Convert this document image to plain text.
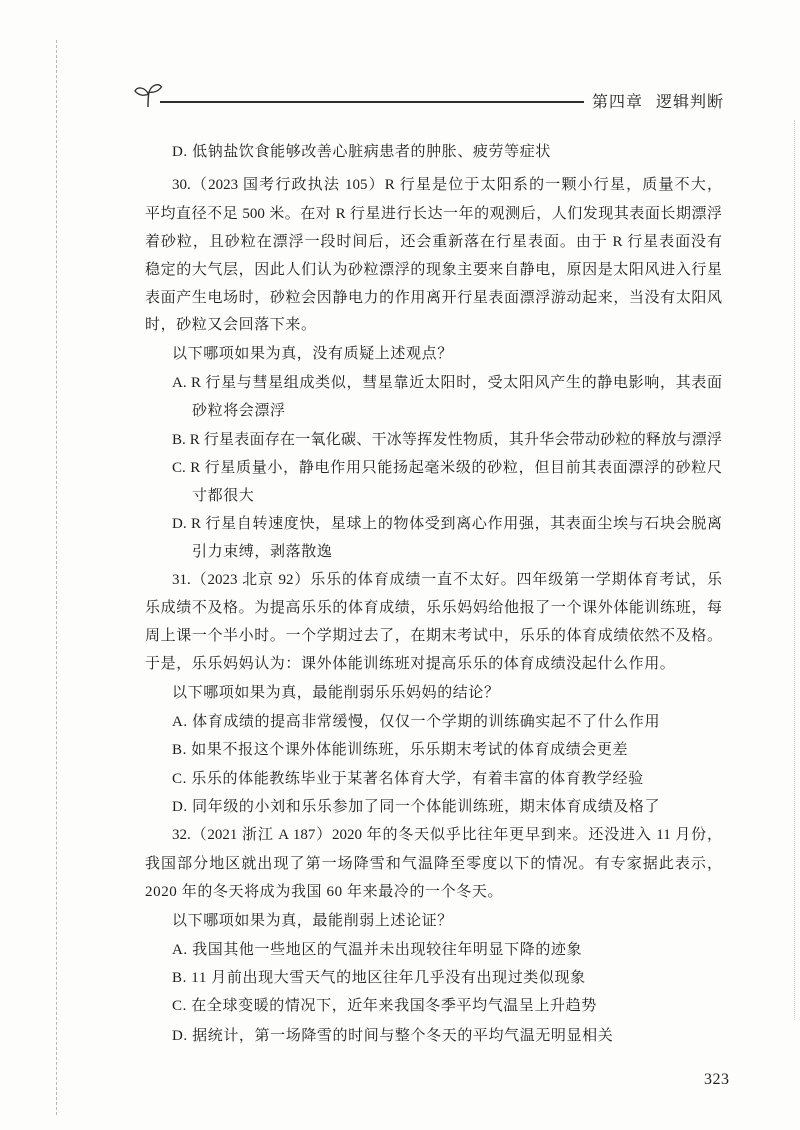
第四章 逻辑判断
D. 低钠盐饮食能够改善心脏病患者的肿胀、疲劳等症状
30.（2023 国考行政执法 105）R 行星是位于太阳系的一颗小行星，质量不大，
平均直径不足 500 米。在对 R 行星进行长达一年的观测后，人们发现其表面长期漂浮
着砂粒，且砂粒在漂浮一段时间后，还会重新落在行星表面。由于 R 行星表面没有
稳定的大气层，因此人们认为砂粒漂浮的现象主要来自静电，原因是太阳风进入行星
表面产生电场时，砂粒会因静电力的作用离开行星表面漂浮游动起来，当没有太阳风
时，砂粒又会回落下来。
以下哪项如果为真，没有质疑上述观点？
A. R 行星与彗星组成类似，彗星靠近太阳时，受太阳风产生的静电影响，其表面
砂粒将会漂浮
B. R 行星表面存在一氧化碳、干冰等挥发性物质，其升华会带动砂粒的释放与漂浮
C. R 行星质量小，静电作用只能扬起毫米级的砂粒，但目前其表面漂浮的砂粒尺
寸都很大
D. R 行星自转速度快，星球上的物体受到离心作用强，其表面尘埃与石块会脱离
引力束缚，剥落散逸
31.（2023 北京 92）乐乐的体育成绩一直不太好。四年级第一学期体育考试，乐
乐成绩不及格。为提高乐乐的体育成绩，乐乐妈妈给他报了一个课外体能训练班，每
周上课一个半小时。一个学期过去了，在期末考试中，乐乐的体育成绩依然不及格。
于是，乐乐妈妈认为：课外体能训练班对提高乐乐的体育成绩没起什么作用。
以下哪项如果为真，最能削弱乐乐妈妈的结论？
A. 体育成绩的提高非常缓慢，仅仅一个学期的训练确实起不了什么作用
B. 如果不报这个课外体能训练班，乐乐期末考试的体育成绩会更差
C. 乐乐的体能教练毕业于某著名体育大学，有着丰富的体育教学经验
D. 同年级的小刘和乐乐参加了同一个体能训练班，期末体育成绩及格了
32.（2021 浙江 A 187）2020 年的冬天似乎比往年更早到来。还没进入 11 月份，
我国部分地区就出现了第一场降雪和气温降至零度以下的情况。有专家据此表示，
2020 年的冬天将成为我国 60 年来最冷的一个冬天。
以下哪项如果为真，最能削弱上述论证？
A. 我国其他一些地区的气温并未出现较往年明显下降的迹象
B. 11 月前出现大雪天气的地区往年几乎没有出现过类似现象
C. 在全球变暖的情况下，近年来我国冬季平均气温呈上升趋势
D. 据统计，第一场降雪的时间与整个冬天的平均气温无明显相关
323
